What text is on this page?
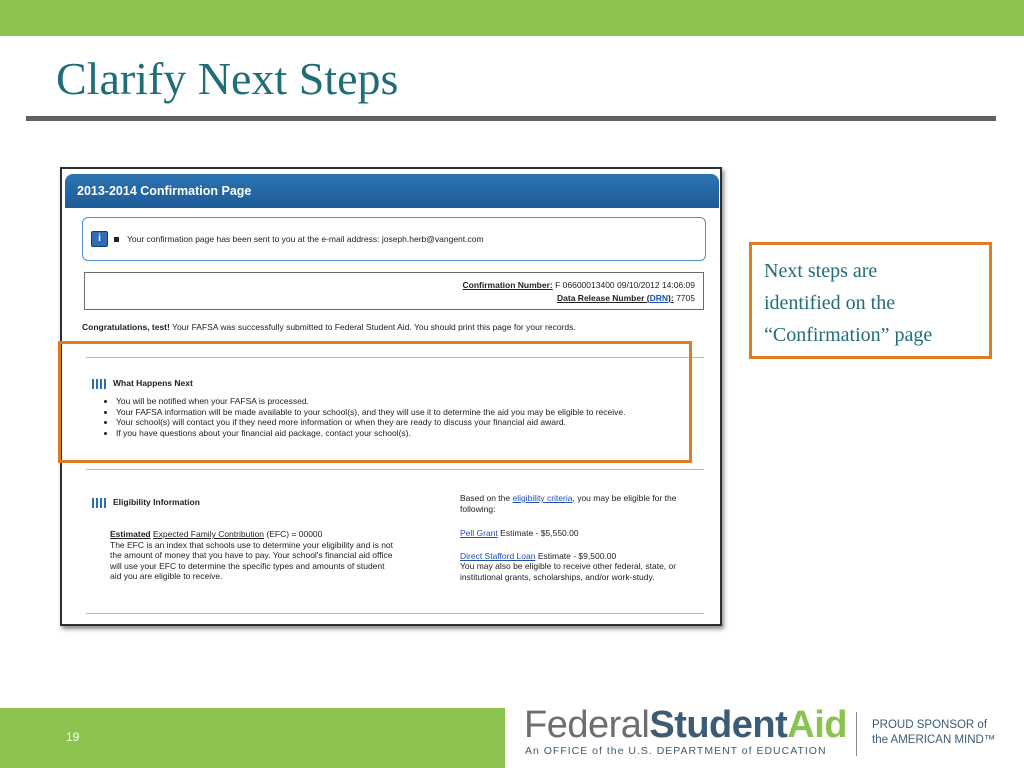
Clarify Next Steps
2013-2014 Confirmation Page
i	Your confirmation page has been sent to you at the e-mail address: joseph.herb@vangent.com
Confirmation Number: F 06600013400 09/10/2012 14:06:09
Data Release Number (DRN): 7705
Congratulations, test! Your FAFSA was successfully submitted to Federal Student Aid. You should print this page for your records.
What Happens Next
• You will be notified when your FAFSA is processed.
• Your FAFSA information will be made available to your school(s), and they will use it to determine the aid you may be eligible to receive.
• Your school(s) will contact you if they need more information or when they are ready to discuss your financial aid award.
• If you have questions about your financial aid package, contact your school(s).
Eligibility Information

Estimated Expected Family Contribution (EFC) = 00000

The EFC is an index that schools use to determine your eligibility and is not the amount of money that you have to pay. Your school's financial aid office will use your EFC to determine the specific types and amounts of student aid you are eligible to receive.

Based on the eligibility criteria, you may be eligible for the following:

Pell Grant Estimate - $5,550.00

Direct Stafford Loan Estimate - $9,500.00

You may also be eligible to receive other federal, state, or institutional grants, scholarships, and/or work-study.

Next steps are
identified on the
“Confirmation” page
19	FederalStudentAid
An OFFICE of the U.S. DEPARTMENT of EDUCATION
PROUD SPONSOR of
the AMERICAN MIND™
